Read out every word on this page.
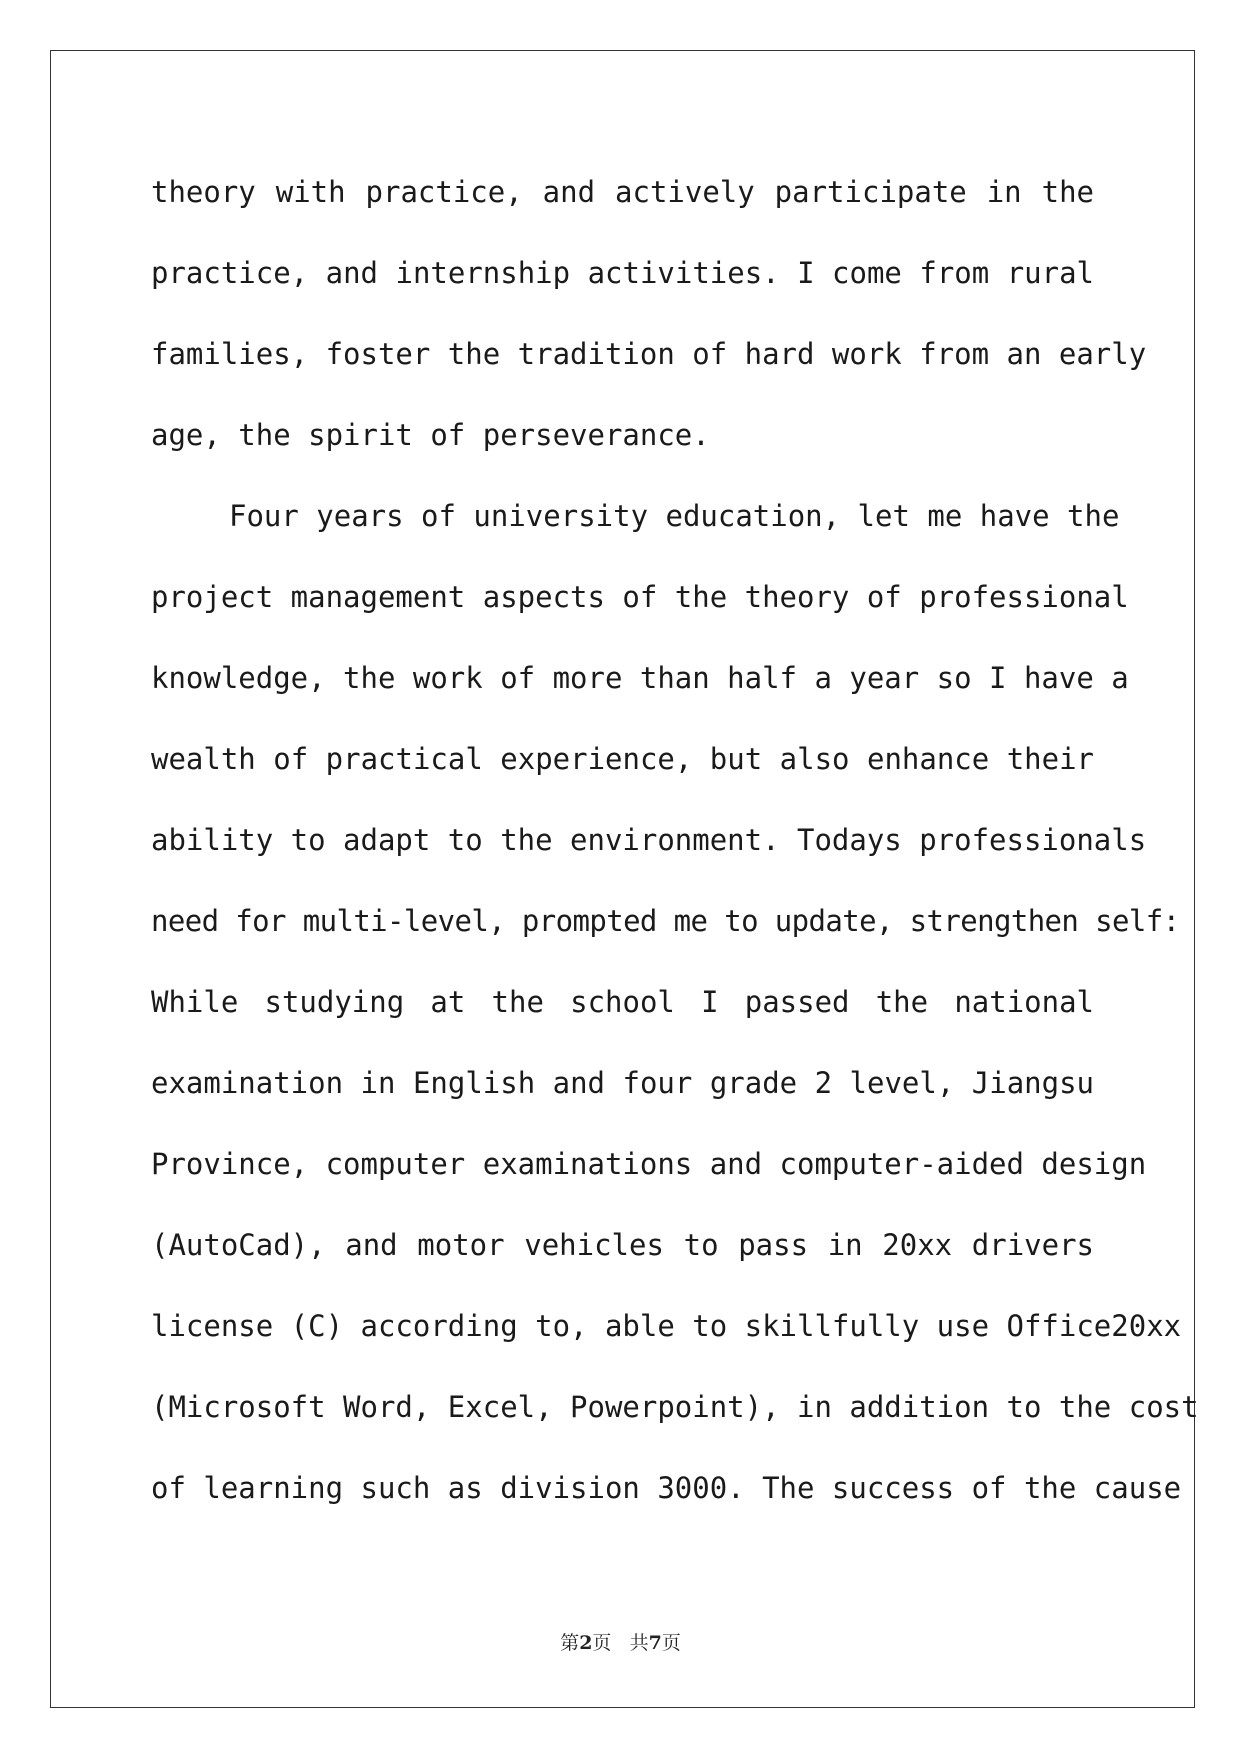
theory with practice, and actively participate in the
practice, and internship activities. I come from rural
families, foster the tradition of hard work from an early
age, the spirit of perseverance.
Four years of university education, let me have the
project management aspects of the theory of professional
knowledge, the work of more than half a year so I have a
wealth of practical experience, but also enhance their
ability to adapt to the environment. Todays professionals
need for multi-level, prompted me to update, strengthen self:
While studying at the school I passed the national
examination in English and four grade 2 level, Jiangsu
Province, computer examinations and computer-aided design
(AutoCad), and motor vehicles to pass in 20xx drivers
license (C) according to, able to skillfully use Office20xx
(Microsoft Word, Excel, Powerpoint), in addition to the cost
of learning such as division 3000. The success of the cause
第2页 共7页
